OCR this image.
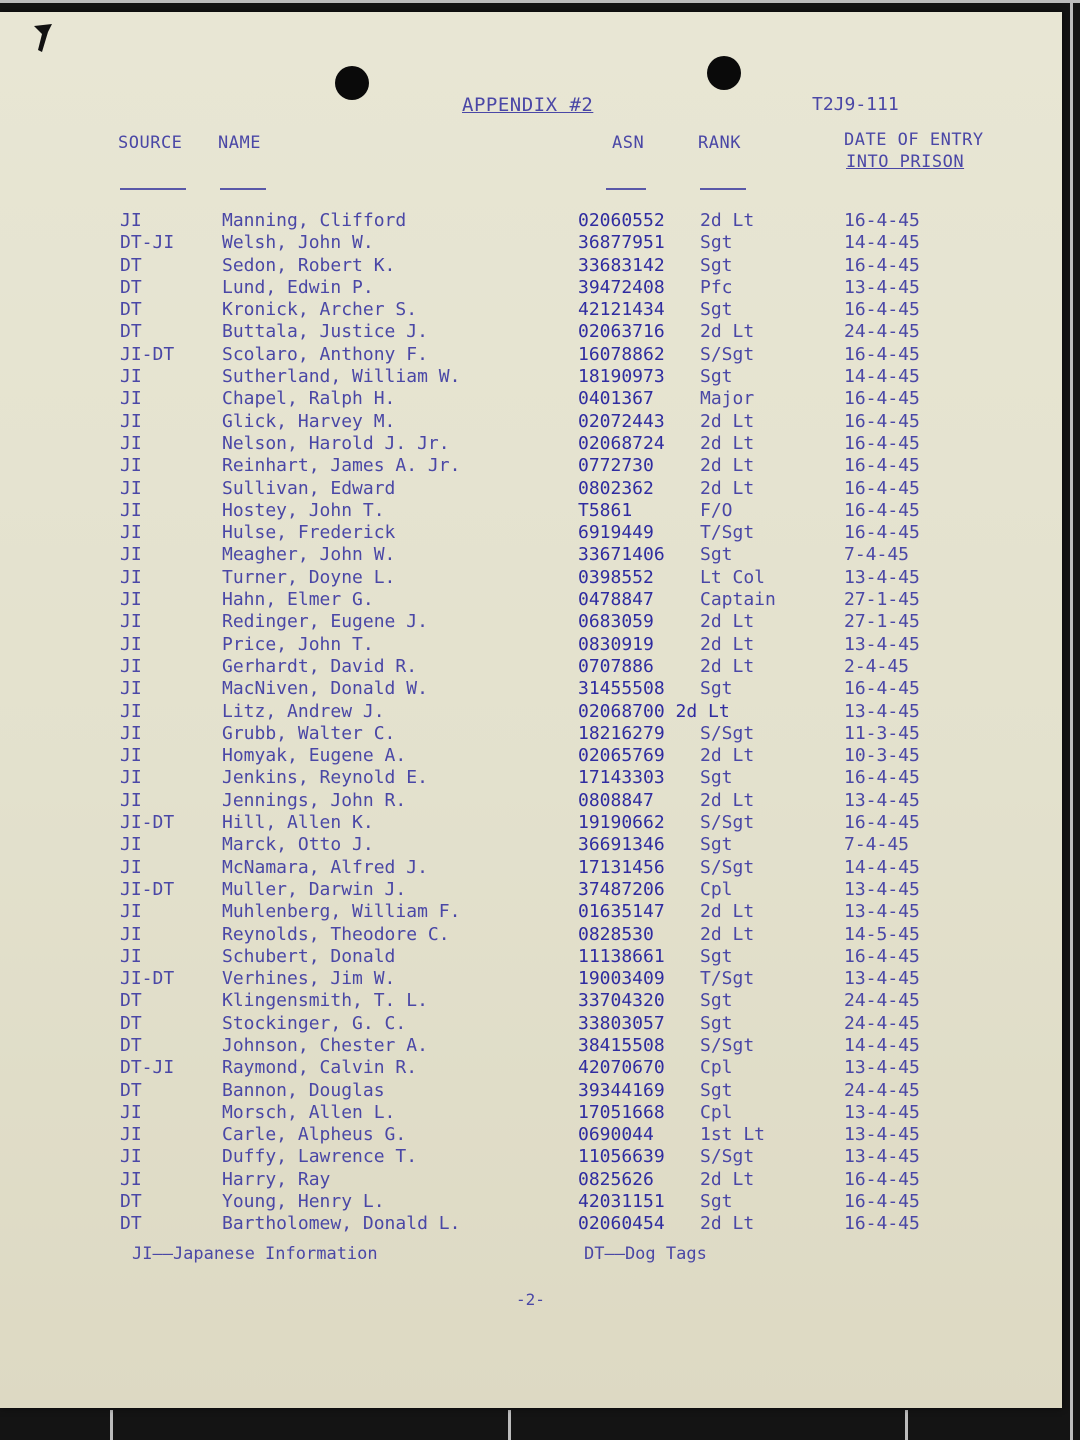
APPENDIX #2	T2J9-111
SOURCE NAME	ASN	RANK	DATE OF ENTRY
INTO PRISON
JI	Manning, Clifford	02060552 2d Lt	16-4-45
DT-JI	Welsh, John W.	36877951 Sgt	14-4-45
DT	Sedon, Robert K.	33683142 Sgt	16-4-45
DT	Lund, Edwin P.	39472408 Pfc	13-4-45
DT	Kronick, Archer S.	42121434 Sgt	16-4-45
DT	Buttala, Justice J.	02063716 2d Lt	24-4-45
JI-DT	Scolaro, Anthony F.	16078862 S/Sgt	16-4-45
JI	Sutherland, William W.	18190973 Sgt	14-4-45
JI	Chapel, Ralph H.	0401367	Major	16-4-45
JI	Glick, Harvey M.	02072443 2d Lt	16-4-45
JI	Nelson, Harold J. Jr.	02068724 2d Lt	16-4-45
JI	Reinhart, James A. Jr.	0772730	2d Lt	16-4-45
JI	Sullivan, Edward	0802362	2d Lt	16-4-45
JI	Hostey, John T.	T5861	F/O	16-4-45
JI	Hulse, Frederick	6919449	T/Sgt	16-4-45
JI	Meagher, John W.	33671406 Sgt	7-4-45
JI	Turner, Doyne L.	0398552	Lt Col	13-4-45
JI	Hahn, Elmer G.	0478847	Captain	27-1-45
JI	Redinger, Eugene J.	0683059	2d Lt	27-1-45
JI	Price, John T.	0830919	2d Lt	13-4-45
JI	Gerhardt, David R.	0707886	2d Lt	2-4-45
JI	MacNiven, Donald W.	31455508 Sgt	16-4-45
JI	Litz, Andrew J.	02068700 2d Lt	13-4-45
JI	Grubb, Walter C.	18216279 S/Sgt	11-3-45
JI	Homyak, Eugene A.	02065769 2d Lt	10-3-45
JI	Jenkins, Reynold E.	17143303 Sgt	16-4-45
JI	Jennings, John R.	0808847	2d Lt	13-4-45
JI-DT	Hill, Allen K.	19190662 S/Sgt	16-4-45
JI	Marck, Otto J.	36691346 Sgt	7-4-45
JI	McNamara, Alfred J.	17131456 S/Sgt	14-4-45
JI-DT	Muller, Darwin J.	37487206 Cpl	13-4-45
JI	Muhlenberg, William F.	01635147 2d Lt	13-4-45
JI	Reynolds, Theodore C.	0828530	2d Lt	14-5-45
JI	Schubert, Donald	11138661 Sgt	16-4-45
JI-DT	Verhines, Jim W.	19003409 T/Sgt	13-4-45
DT	Klingensmith, T. L.	33704320 Sgt	24-4-45
DT	Stockinger, G. C.	33803057 Sgt	24-4-45
DT	Johnson, Chester A.	38415508 S/Sgt	14-4-45
DT-JI	Raymond, Calvin R.	42070670 Cpl	13-4-45
DT	Bannon, Douglas	39344169 Sgt	24-4-45
JI	Morsch, Allen L.	17051668 Cpl	13-4-45
JI	Carle, Alpheus G.	0690044	1st Lt	13-4-45
JI	Duffy, Lawrence T.	11056639 S/Sgt	13-4-45
JI	Harry, Ray	0825626	2d Lt	16-4-45
DT	Young, Henry L.	42031151 Sgt	16-4-45
DT	Bartholomew, Donald L.	02060454 2d Lt	16-4-45
JI——Japanese Information	DT——Dog Tags
-2-
